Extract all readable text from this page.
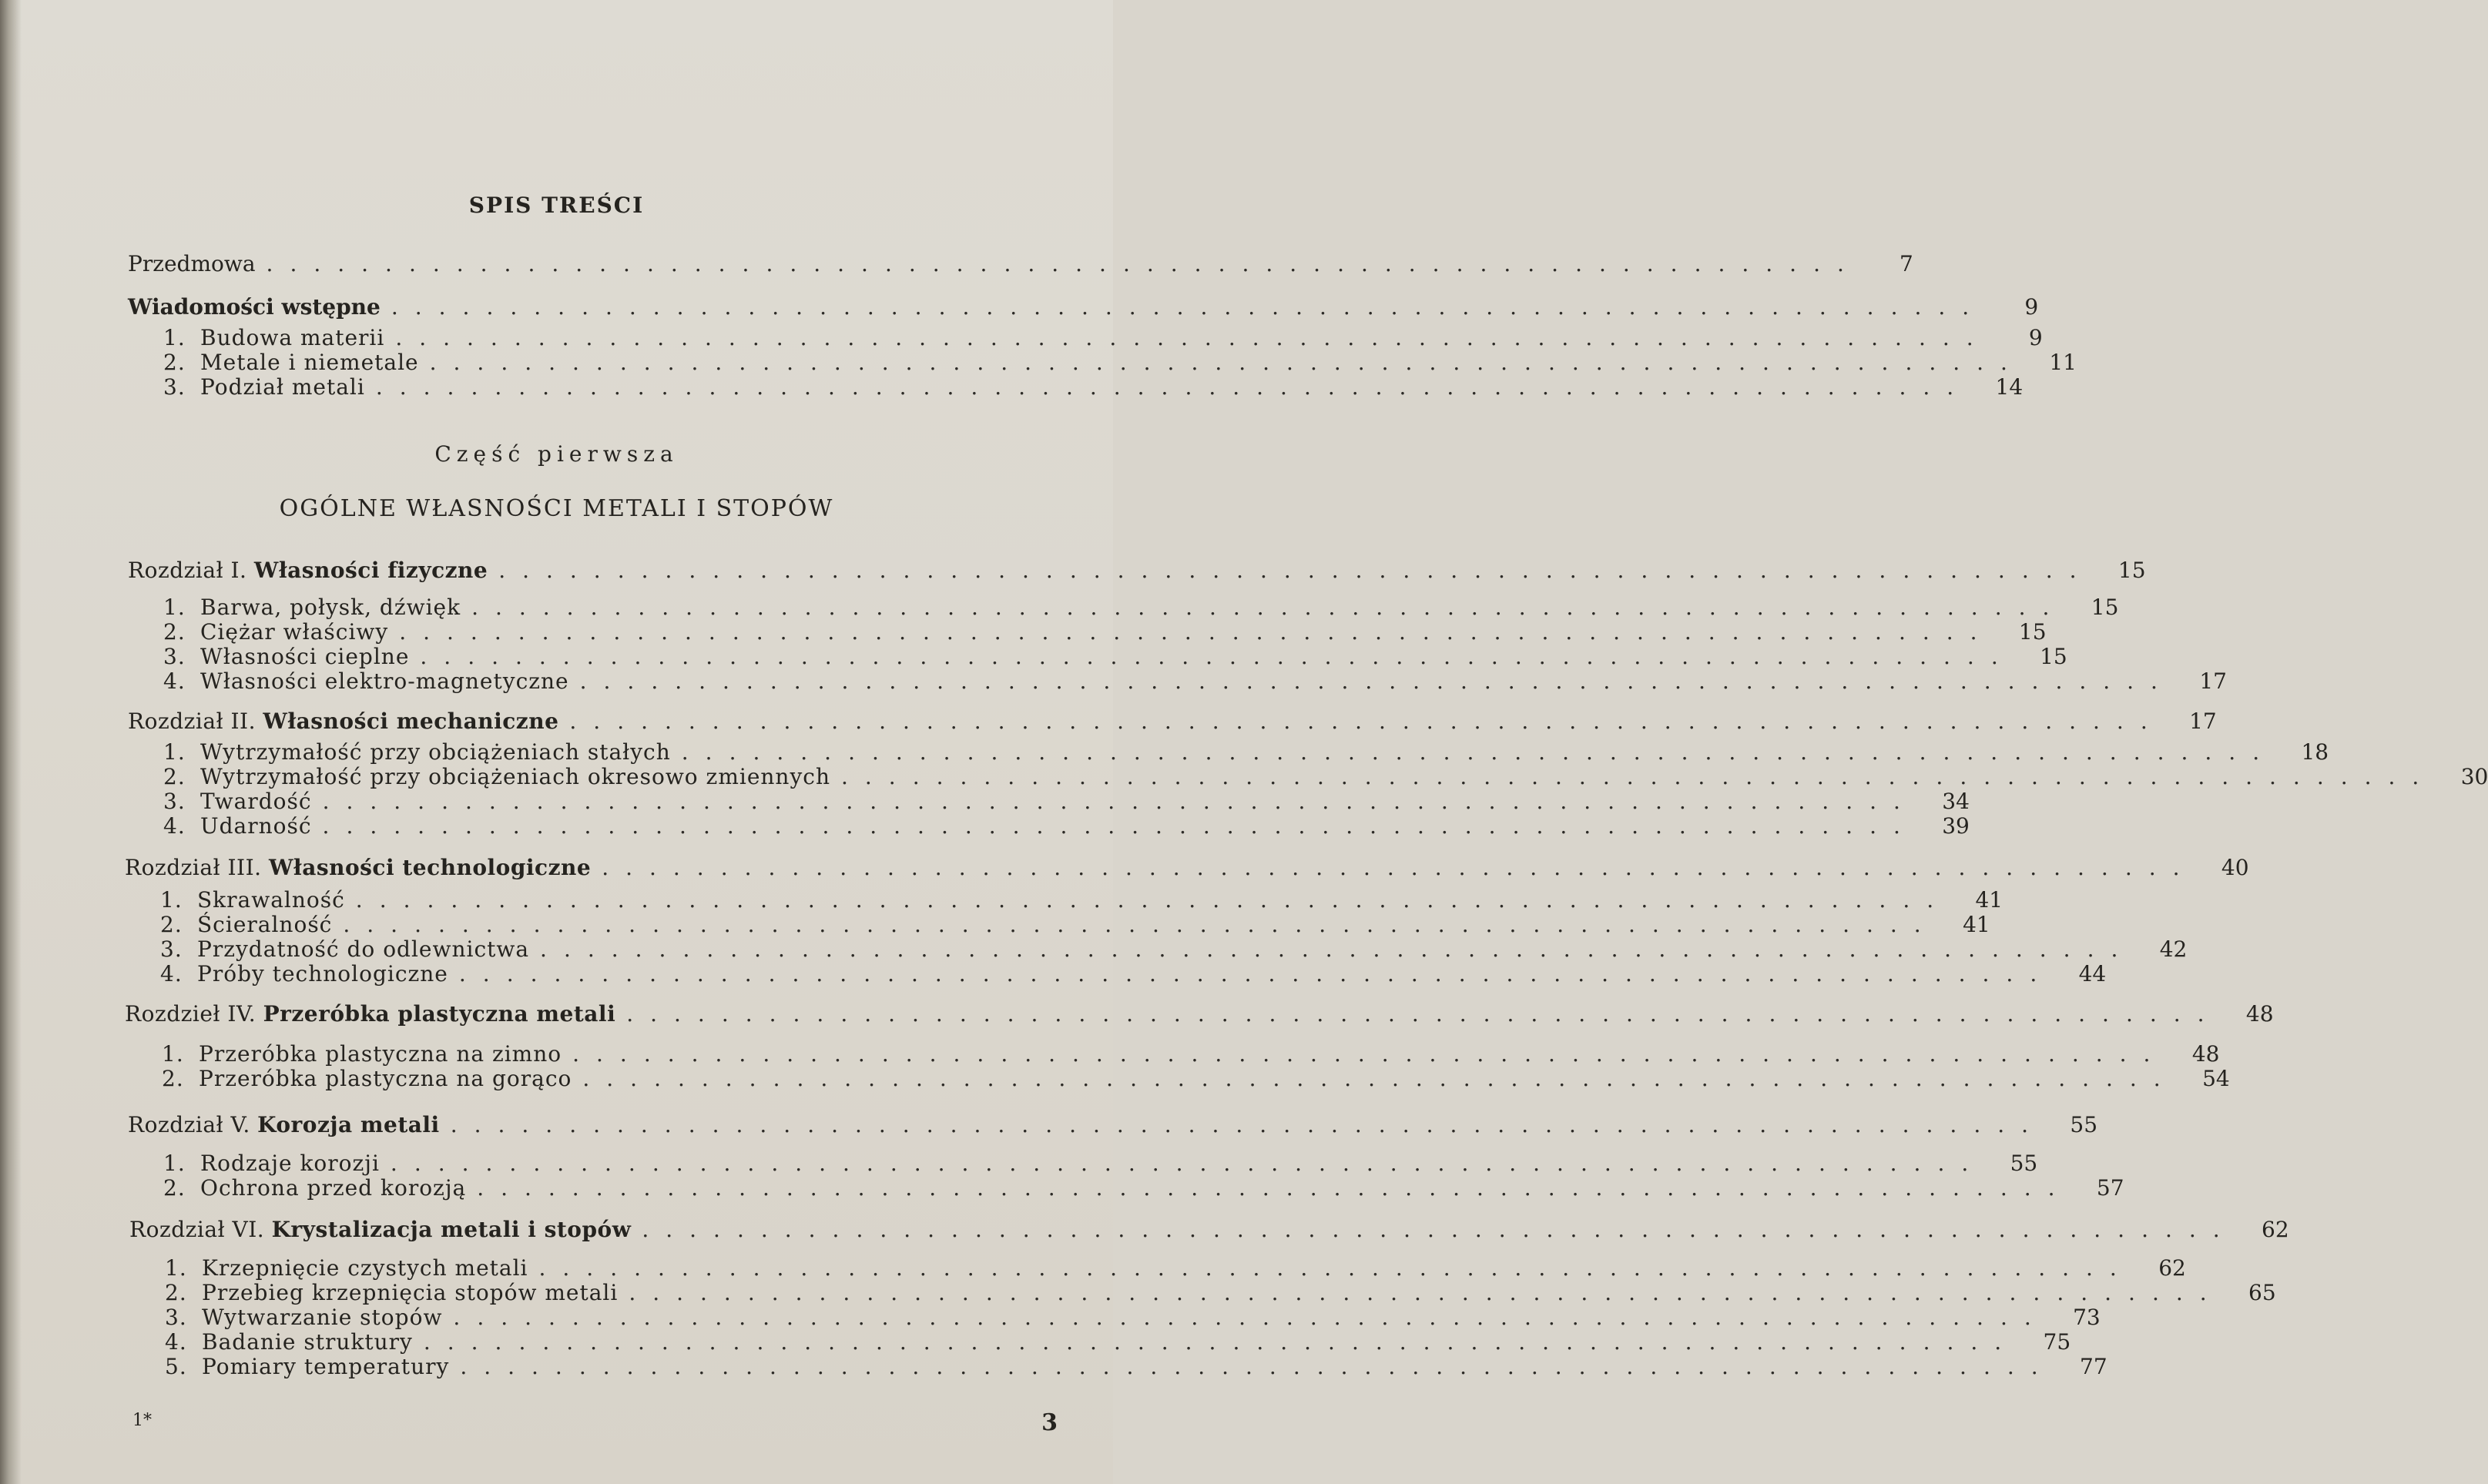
SPIS TREŚCI
Przedmowa ...................................................................	7
Wiadomości wstępne ...................................................................	9
1. Budowa materii ...................................................................	9
2. Metale i niemetale ...................................................................	11
3. Podział metali ...................................................................	14
Część pierwsza
OGÓLNE WŁASNOŚCI METALI I STOPÓW
Rozdział I. Własności fizyczne ...................................................................	15
1. Barwa, połysk, dźwięk ...................................................................	15
2. Ciężar właściwy ...................................................................	15
3. Własności cieplne ...................................................................	15
4. Własności elektro-magnetyczne ...................................................................	17
Rozdział II. Własności mechaniczne ...................................................................	17
1. Wytrzymałość przy obciążeniach stałych ...................................................................	18
2. Wytrzymałość przy obciążeniach okresowo zmiennych ...................................................................	30
3. Twardość ...................................................................	34
4. Udarność ...................................................................	39
Rozdział III. Własności technologiczne ...................................................................	40
1. Skrawalność ...................................................................	41
2. Ścieralność ...................................................................	41
3. Przydatność do odlewnictwa ...................................................................	42
4. Próby technologiczne ...................................................................	44
Rozdzieł IV. Przeróbka plastyczna metali ...................................................................	48
1. Przeróbka plastyczna na zimno ...................................................................	48
2. Przeróbka plastyczna na gorąco ...................................................................	54
Rozdział V. Korozja metali ...................................................................	55
1. Rodzaje korozji ...................................................................	55
2. Ochrona przed korozją ...................................................................	57
Rozdział VI. Krystalizacja metali i stopów ...................................................................	62
1. Krzepnięcie czystych metali ...................................................................	62
2. Przebieg krzepnięcia stopów metali ...................................................................	65
3. Wytwarzanie stopów ...................................................................	73
4. Badanie struktury ...................................................................	75
5. Pomiary temperatury ...................................................................	77
1*	3
